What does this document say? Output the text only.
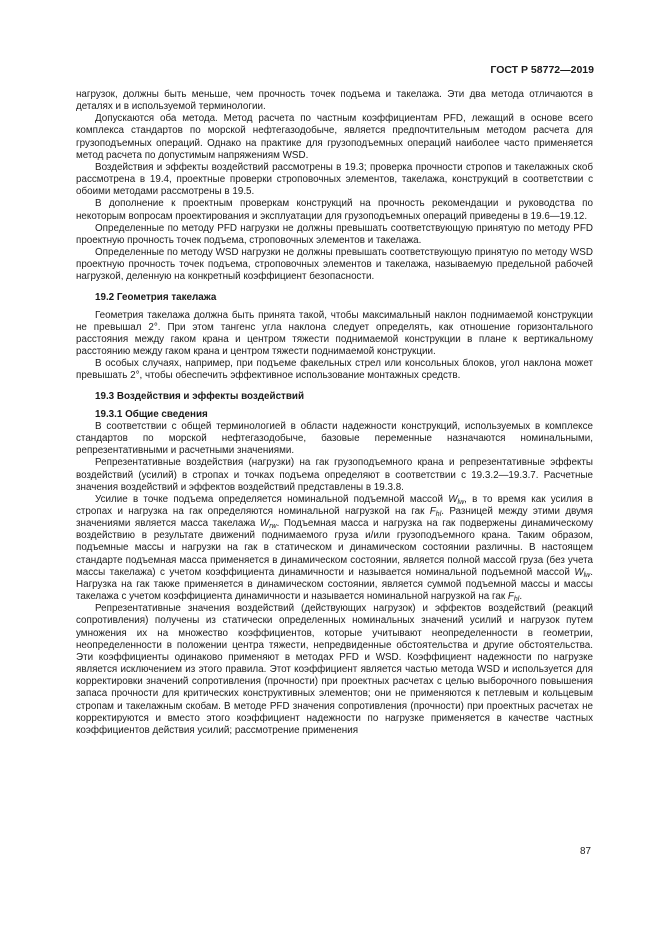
ГОСТ Р 58772—2019

нагрузок, должны быть меньше, чем прочность точек подъема и такелажа. Эти два метода отличаются в деталях и в используемой терминологии.

Допускаются оба метода. Метод расчета по частным коэффициентам PFD, лежащий в основе всего комплекса стандартов по морской нефтегазодобыче, является предпочтительным методом расчета для грузоподъемных операций. Однако на практике для грузоподъемных операций наиболее часто применяется метод расчета по допустимым напряжениям WSD.

Воздействия и эффекты воздействий рассмотрены в 19.3; проверка прочности стропов и такелажных скоб рассмотрена в 19.4, проектные проверки строповочных элементов, такелажа, конструкций в соответствии с обоими методами рассмотрены в 19.5.

В дополнение к проектным проверкам конструкций на прочность рекомендации и руководства по некоторым вопросам проектирования и эксплуатации для грузоподъемных операций приведены в 19.6—19.12.

Определенные по методу PFD нагрузки не должны превышать соответствующую принятую по методу PFD проектную прочность точек подъема, строповочных элементов и такелажа.

Определенные по методу WSD нагрузки не должны превышать соответствующую принятую по методу WSD проектную прочность точек подъема, строповочных элементов и такелажа, называемую предельной рабочей нагрузкой, деленную на конкретный коэффициент безопасности.

19.2 Геометрия такелажа

Геометрия такелажа должна быть принята такой, чтобы максимальный наклон поднимаемой конструкции не превышал 2°. При этом тангенс угла наклона следует определять, как отношение горизонтального расстояния между гаком крана и центром тяжести поднимаемой конструкции в плане к вертикальному расстоянию между гаком крана и центром тяжести поднимаемой конструкции.

В особых случаях, например, при подъеме факельных стрел или консольных блоков, угол наклона может превышать 2°, чтобы обеспечить эффективное использование монтажных средств.

19.3 Воздействия и эффекты воздействий
19.3.1 Общие сведения

В соответствии с общей терминологией в области надежности конструкций, используемых в комплексе стандартов по морской нефтегазодобыче, базовые переменные назначаются номинальными, репрезентативными и расчетными значениями.

Репрезентативные воздействия (нагрузки) на гак грузоподъемного крана и репрезентативные эффекты воздействий (усилий) в стропах и точках подъема определяют в соответствии с 19.3.2—19.3.7. Расчетные значения воздействий и эффектов воздействий представлены в 19.3.8.

Усилие в точке подъема определяется номинальной подъемной массой $W_{lw}$, в то время как усилия в стропах и нагрузка на гак определяются номинальной нагрузкой на гак $F_{hl}$. Разницей между этими двумя значениями является масса такелажа $W_{rw}$. Подъемная масса и нагрузка на гак подвержены динамическому воздействию в результате движений поднимаемого груза и/или грузоподъемного крана. Таким образом, подъемные массы и нагрузки на гак в статическом и динамическом состоянии различны. В настоящем стандарте подъемная масса применяется в динамическом состоянии, является полной массой груза (без учета массы такелажа) с учетом коэффициента динамичности и называется номинальной подъемной массой $W_{lw}$. Нагрузка на гак также применяется в динамическом состоянии, является суммой подъемной массы и массы такелажа с учетом коэффициента динамичности и называется номинальной нагрузкой на гак $F_{hl}$.

Репрезентативные значения воздействий (действующих нагрузок) и эффектов воздействий (реакций сопротивления) получены из статически определенных номинальных значений усилий и нагрузок путем умножения их на множество коэффициентов, которые учитывают неопределенности в геометрии, неопределенности в положении центра тяжести, непредвиденные обстоятельства и другие обстоятельства. Эти коэффициенты одинаково применяют в методах PFD и WSD. Коэффициент надежности по нагрузке является исключением из этого правила. Этот коэффициент является частью метода WSD и используется для корректировки значений сопротивления (прочности) при проектных расчетах с целью выборочного повышения запаса прочности для критических конструктивных элементов; они не применяются к петлевым и кольцевым стропам и такелажным скобам. В методе PFD значения сопротивления (прочности) при проектных расчетах не корректируются и вместо этого коэффициент надежности по нагрузке применяется в качестве частных коэффициентов действия усилий; рассмотрение применения

87
